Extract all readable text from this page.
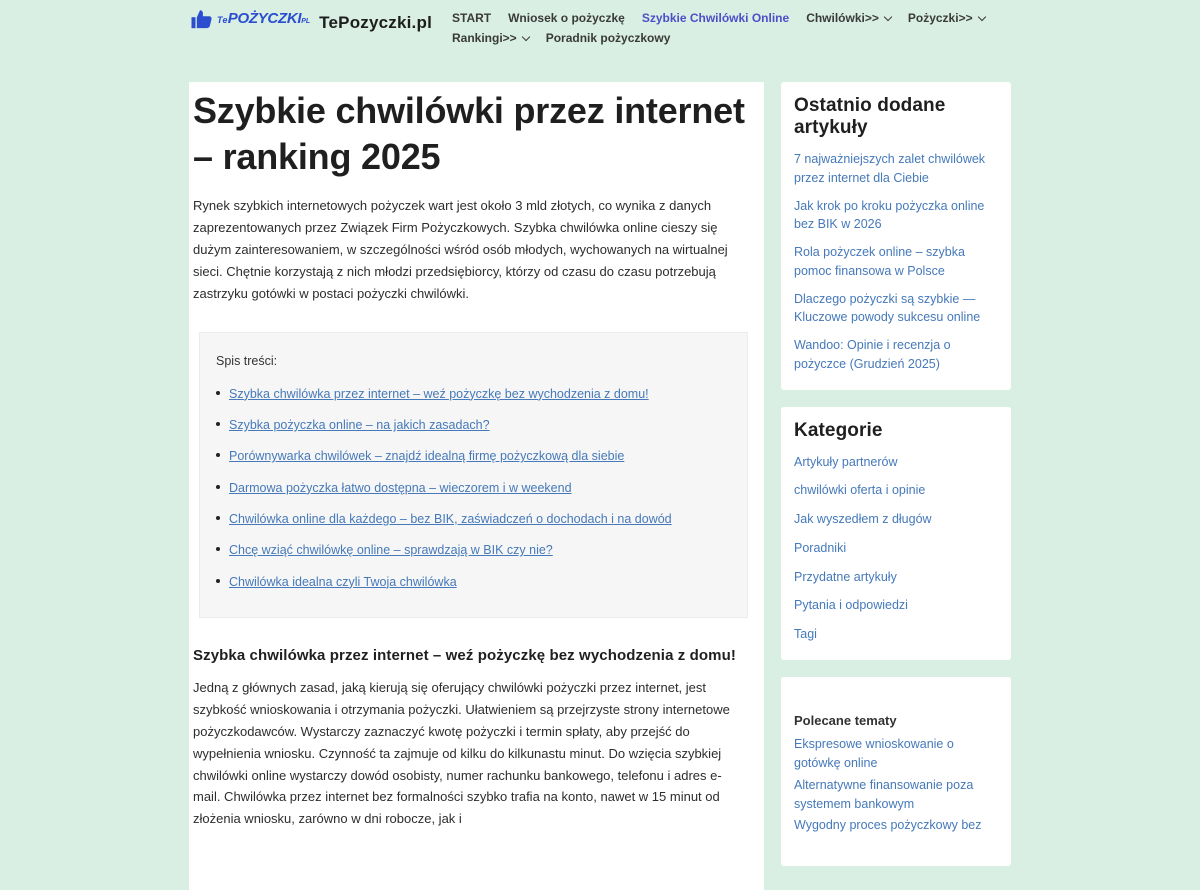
TePOŻYCZKIPL TePozyczki.pl START Wniosek o pożyczkę Szybkie Chwilówki Online Chwilówki>> Pożyczki>>
Rankingi>> Poradnik pożyczkowy
Szybkie chwilówki przez internet – ranking 2025

Rynek szybkich internetowych pożyczek wart jest około 3 mld złotych, co wynika z danych zaprezentowanych przez Związek Firm Pożyczkowych. Szybka chwilówka online cieszy się dużym zainteresowaniem, w szczególności wśród osób młodych, wychowanych na wirtualnej sieci. Chętnie korzystają z nich młodzi przedsiębiorcy, którzy od czasu do czasu potrzebują zastrzyku gotówki w postaci pożyczki chwilówki.

Spis treści:
Szybka chwilówka przez internet – weź pożyczkę bez wychodzenia z domu!
Szybka pożyczka online – na jakich zasadach?
Porównywarka chwilówek – znajdź idealną firmę pożyczkową dla siebie
Darmowa pożyczka łatwo dostępna – wieczorem i w weekend
Chwilówka online dla każdego – bez BIK, zaświadczeń o dochodach i na dowód
Chcę wziąć chwilówkę online – sprawdzają w BIK czy nie?
Chwilówka idealna czyli Twoja chwilówka
Szybka chwilówka przez internet – weź pożyczkę bez wychodzenia z domu!

Jedną z głównych zasad, jaką kierują się oferujący chwilówki pożyczki przez internet, jest szybkość wnioskowania i otrzymania pożyczki. Ułatwieniem są przejrzyste strony internetowe pożyczkodawców. Wystarczy zaznaczyć kwotę pożyczki i termin spłaty, aby przejść do wypełnienia wniosku. Czynność ta zajmuje od kilku do kilkunastu minut. Do wzięcia szybkiej chwilówki online wystarczy dowód osobisty, numer rachunku bankowego, telefonu i adres e-mail. Chwilówka przez internet bez formalności szybko trafia na konto, nawet w 15 minut od złożenia wniosku, zarówno w dni robocze, jak i

Ostatnio dodane artykuły
7 najważniejszych zalet chwilówek przez internet dla Ciebie
Jak krok po kroku pożyczka online bez BIK w 2026
Rola pożyczek online – szybka pomoc finansowa w Polsce
Dlaczego pożyczki są szybkie — Kluczowe powody sukcesu online
Wandoo: Opinie i recenzja o pożyczce (Grudzień 2025)
Kategorie
Artykuły partnerów
chwilówki oferta i opinie
Jak wyszedłem z długów
Poradniki
Przydatne artykuły
Pytania i odpowiedzi
Tagi
Polecane tematy
Ekspresowe wnioskowanie o gotówkę online
Alternatywne finansowanie poza systemem bankowym
Wygodny proces pożyczkowy bez
